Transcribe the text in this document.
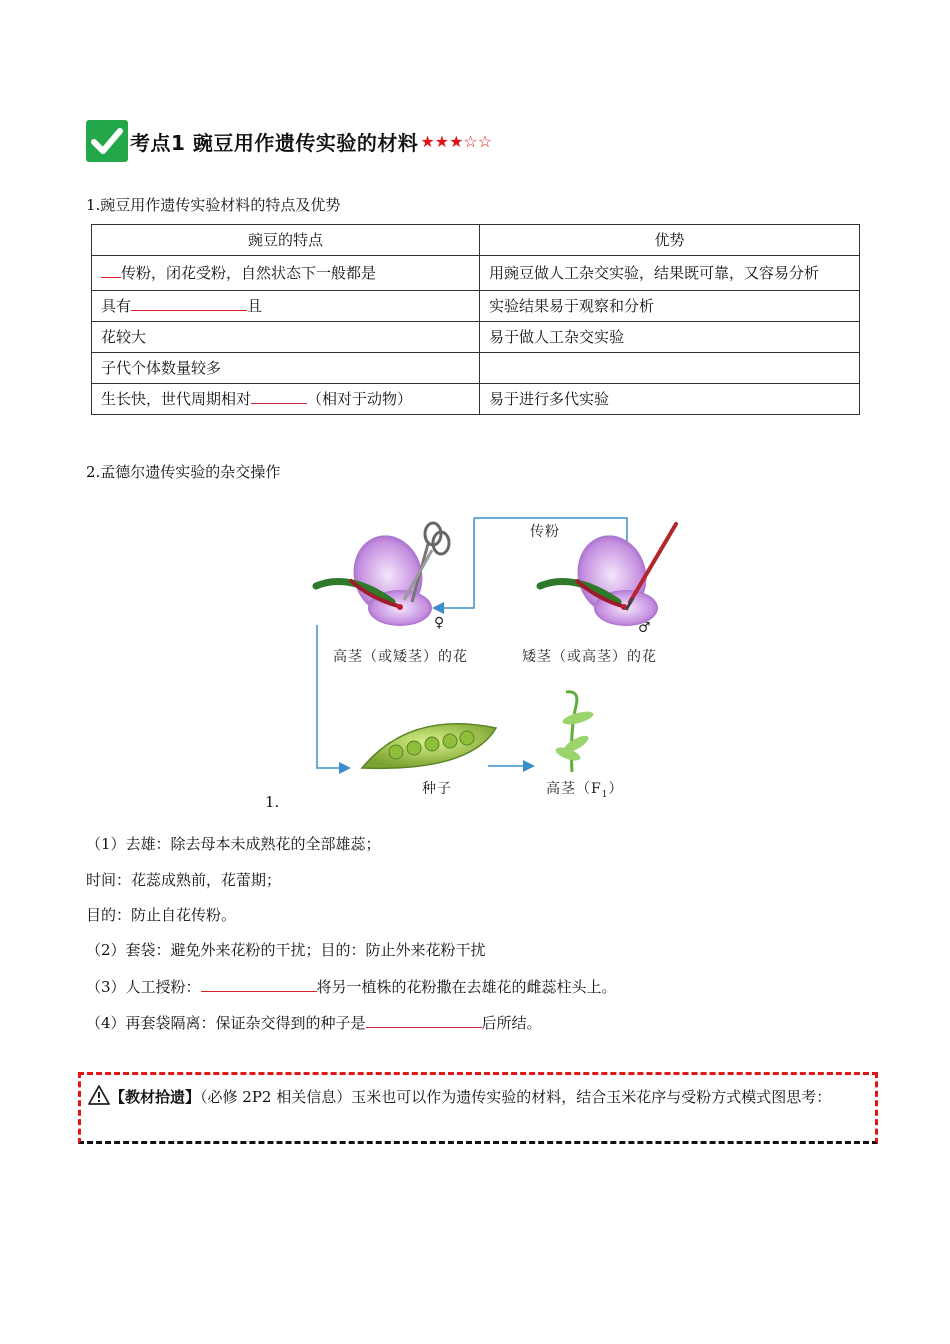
考点1 豌豆用作遗传实验的材料 ★★★☆☆
1.豌豆用作遗传实验材料的特点及优势
豌豆的特点	优势
传粉，闭花受粉，自然状态下一般都是	用豌豆做人工杂交实验，结果既可靠，又容易分析
具有 且	实验结果易于观察和分析
花较大	易于做人工杂交实验
子代个体数量较多	
生长快，世代周期相对 （相对于动物）	易于进行多代实验
2.孟德尔遗传实验的杂交操作
♀
高茎（或矮茎）的花
传粉
♂
矮茎（或高茎）的花
种子	高茎$(F_1)$
1.
（1）去雄：除去母本未成熟花的全部雄蕊；
时间：花蕊成熟前，花蕾期；
目的：防止自花传粉。
（2）套袋：避免外来花粉的干扰；目的：防止外来花粉干扰
（3）人工授粉：	将另一植株的花粉撒在去雄花的雌蕊柱头上。
（4）再套袋隔离：保证杂交得到的种子是	后所结。
【教材拾遗】（必修 2P2 相关信息）玉米也可以作为遗传实验的材料，结合玉米花序与受粉方式模式图思考：
